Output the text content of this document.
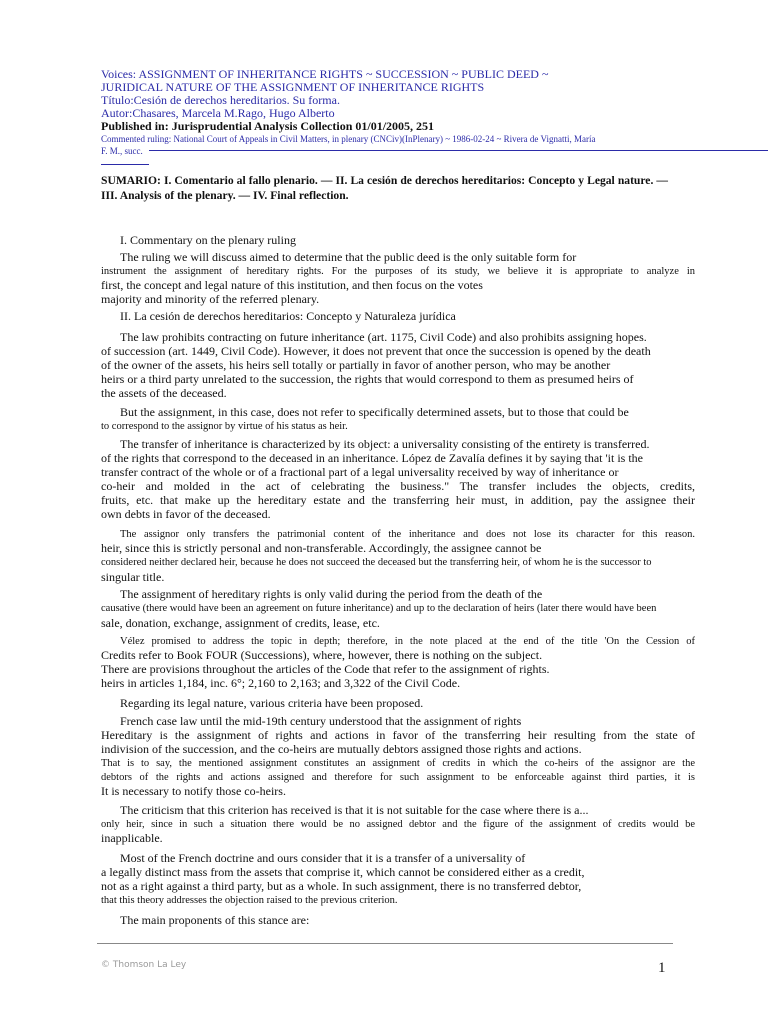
Voices: ASSIGNMENT OF INHERITANCE RIGHTS ~ SUCCESSION ~ PUBLIC DEED ~
JURIDICAL NATURE OF THE ASSIGNMENT OF INHERITANCE RIGHTS
Título:Cesión de derechos hereditarios. Su forma.
Autor:Chasares, Marcela M.Rago, Hugo Alberto
Published in: Jurisprudential Analysis Collection 01/01/2005, 251
Commented ruling: National Court of Appeals in Civil Matters, in plenary (CNCiv)(InPlenary) ~ 1986-02-24 ~ Rivera de Vignatti, María
F. M., succ.
SUMARIO: I. Comentario al fallo plenario. — II. La cesión de derechos hereditarios: Concepto y Legal nature. — III. Analysis of the plenary. — IV. Final reflection.
I. Commentary on the plenary ruling
The ruling we will discuss aimed to determine that the public deed is the only suitable form for
instrument the assignment of hereditary rights. For the purposes of its study, we believe it is appropriate to analyze in
first, the concept and legal nature of this institution, and then focus on the votes
majority and minority of the referred plenary.
II. La cesión de derechos hereditarios: Concepto y Naturaleza jurídica
The law prohibits contracting on future inheritance (art. 1175, Civil Code) and also prohibits assigning hopes.
of succession (art. 1449, Civil Code). However, it does not prevent that once the succession is opened by the death
of the owner of the assets, his heirs sell totally or partially in favor of another person, who may be another
heirs or a third party unrelated to the succession, the rights that would correspond to them as presumed heirs of
the assets of the deceased.
But the assignment, in this case, does not refer to specifically determined assets, but to those that could be
to correspond to the assignor by virtue of his status as heir.
The transfer of inheritance is characterized by its object: a universality consisting of the entirety is transferred.
of the rights that correspond to the deceased in an inheritance. López de Zavalía defines it by saying that 'it is the
transfer contract of the whole or of a fractional part of a legal universality received by way of inheritance or
co-heir and molded in the act of celebrating the business." The transfer includes the objects, credits,
fruits, etc. that make up the hereditary estate and the transferring heir must, in addition, pay the assignee their
own debts in favor of the deceased.
The assignor only transfers the patrimonial content of the inheritance and does not lose its character for this reason.
heir, since this is strictly personal and non-transferable. Accordingly, the assignee cannot be
considered neither declared heir, because he does not succeed the deceased but the transferring heir, of whom he is the successor to
singular title.
The assignment of hereditary rights is only valid during the period from the death of the
causative (there would have been an agreement on future inheritance) and up to the declaration of heirs (later there would have been
sale, donation, exchange, assignment of credits, lease, etc.
Vélez promised to address the topic in depth; therefore, in the note placed at the end of the title 'On the Cession of
Credits refer to Book FOUR (Successions), where, however, there is nothing on the subject.
There are provisions throughout the articles of the Code that refer to the assignment of rights.
heirs in articles 1,184, inc. 6°; 2,160 to 2,163; and 3,322 of the Civil Code.
Regarding its legal nature, various criteria have been proposed.
French case law until the mid-19th century understood that the assignment of rights
Hereditary is the assignment of rights and actions in favor of the transferring heir resulting from the state of
indivision of the succession, and the co-heirs are mutually debtors assigned those rights and actions.
That is to say, the mentioned assignment constitutes an assignment of credits in which the co-heirs of the assignor are the
debtors of the rights and actions assigned and therefore for such assignment to be enforceable against third parties, it is
It is necessary to notify those co-heirs.
The criticism that this criterion has received is that it is not suitable for the case where there is a...
only heir, since in such a situation there would be no assigned debtor and the figure of the assignment of credits would be
inapplicable.
Most of the French doctrine and ours consider that it is a transfer of a universality of
a legally distinct mass from the assets that comprise it, which cannot be considered either as a credit,
not as a right against a third party, but as a whole. In such assignment, there is no transferred debtor,
that this theory addresses the objection raised to the previous criterion.
The main proponents of this stance are:
© Thomson La Ley	1
